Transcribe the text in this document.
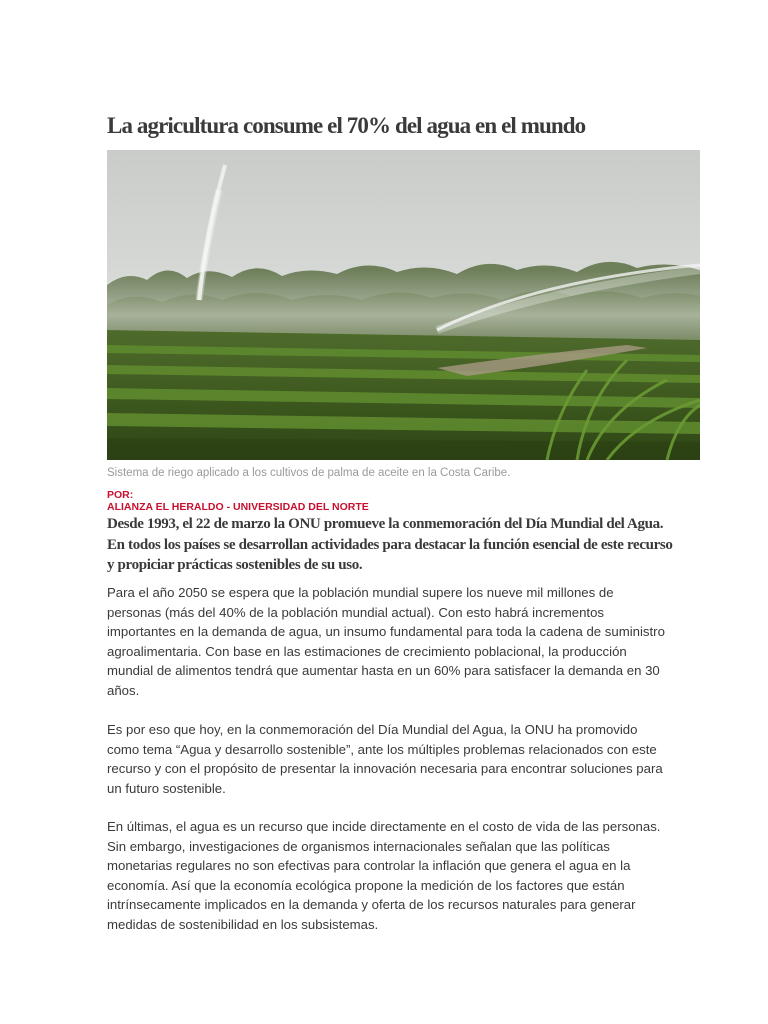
La agricultura consume el 70% del agua en el mundo
Sistema de riego aplicado a los cultivos de palma de aceite en la Costa Caribe.
POR:
ALIANZA EL HERALDO - UNIVERSIDAD DEL NORTE
Desde 1993, el 22 de marzo la ONU promueve la conmemoración del Día Mundial del Agua. En todos los países se desarrollan actividades para destacar la función esencial de este recurso y propiciar prácticas sostenibles de su uso.

Para el año 2050 se espera que la población mundial supere los nueve mil millones de personas (más del 40% de la población mundial actual). Con esto habrá incrementos importantes en la demanda de agua, un insumo fundamental para toda la cadena de suministro agroalimentaria. Con base en las estimaciones de crecimiento poblacional, la producción mundial de alimentos tendrá que aumentar hasta en un 60% para satisfacer la demanda en 30 años.

Es por eso que hoy, en la conmemoración del Día Mundial del Agua, la ONU ha promovido como tema “Agua y desarrollo sostenible”, ante los múltiples problemas relacionados con este recurso y con el propósito de presentar la innovación necesaria para encontrar soluciones para un futuro sostenible.

En últimas, el agua es un recurso que incide directamente en el costo de vida de las personas. Sin embargo, investigaciones de organismos internacionales señalan que las políticas monetarias regulares no son efectivas para controlar la inflación que genera el agua en la economía. Así que la economía ecológica propone la medición de los factores que están intrínsecamente implicados en la demanda y oferta de los recursos naturales para generar medidas de sostenibilidad en los subsistemas.
